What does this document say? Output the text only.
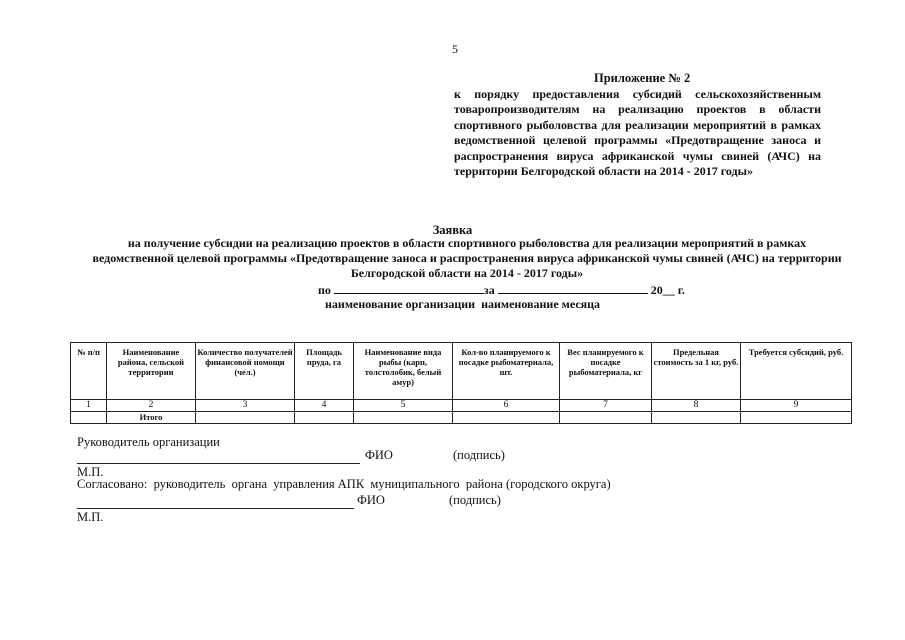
5
Приложение № 2
к порядку предоставления субсидий сельскохозяйственным товаропроизводителям на реализацию проектов в области спортивного рыболовства для реализации мероприятий в рамках ведомственной целевой программы «Предотвращение заноса и распространения вируса африканской чумы свиней (АЧС) на территории Белгородской области на 2014 - 2017 годы»
Заявка
на получение субсидии на реализацию проектов в области спортивного рыболовства для реализации мероприятий в рамках ведомственной целевой программы «Предотвращение заноса и распространения вируса африканской чумы свиней (АЧС) на территории Белгородской области на 2014 - 2017 годы»
по	за	20__ г.
наименование организации наименование месяца
№ п/п	Наименование района, сельской территории	Количество получателей финансовой помощи (чел.)	Площадь пруда, га	Наименование вида рыбы (карп, толстолобик, белый амур)	Кол-во планируемого к посадке рыбоматериала, шт.	Вес планируемого к посадке рыбоматериала, кг	Предельная стоимость за 1 кг, руб.	Требуется субсидий, руб.
1	2	3	4	5	6	7	8	9
	Итого							
Руководитель организации
ФИО	(подпись)
М.П.
Согласовано:  руководитель  органа  управления АПК  муниципального  района (городского округа)
ФИО	(подпись)
М.П.
